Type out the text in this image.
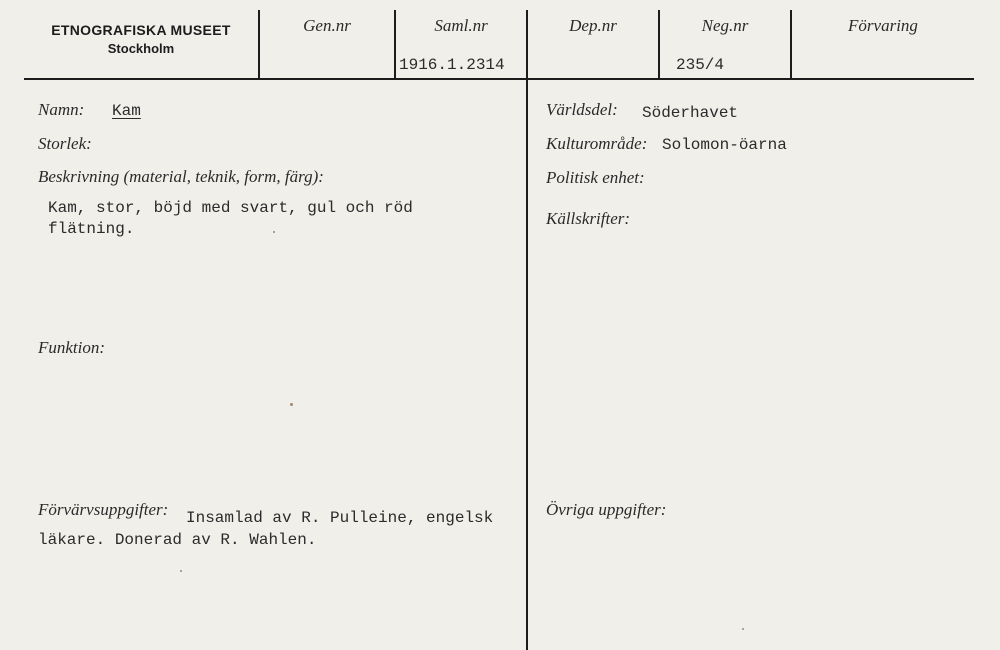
ETNOGRAFISKA MUSEET
Stockholm
Gen.nr	Saml.nr
1916.1.2314
Dep.nr	Neg.nr
235/4
Förvaring
Namn: Kam
Storlek:
Beskrivning (material, teknik, form, färg):
Kam, stor, böjd med svart, gul och röd
flätning.
Funktion:
Förvärvsuppgifter: Insamlad av R. Pulleine, engelsk
läkare. Donerad av R. Wahlen.
Världsdel: Söderhavet
Kulturområde: Solomon-öarna
Politisk enhet:
Källskrifter:
Övriga uppgifter:
